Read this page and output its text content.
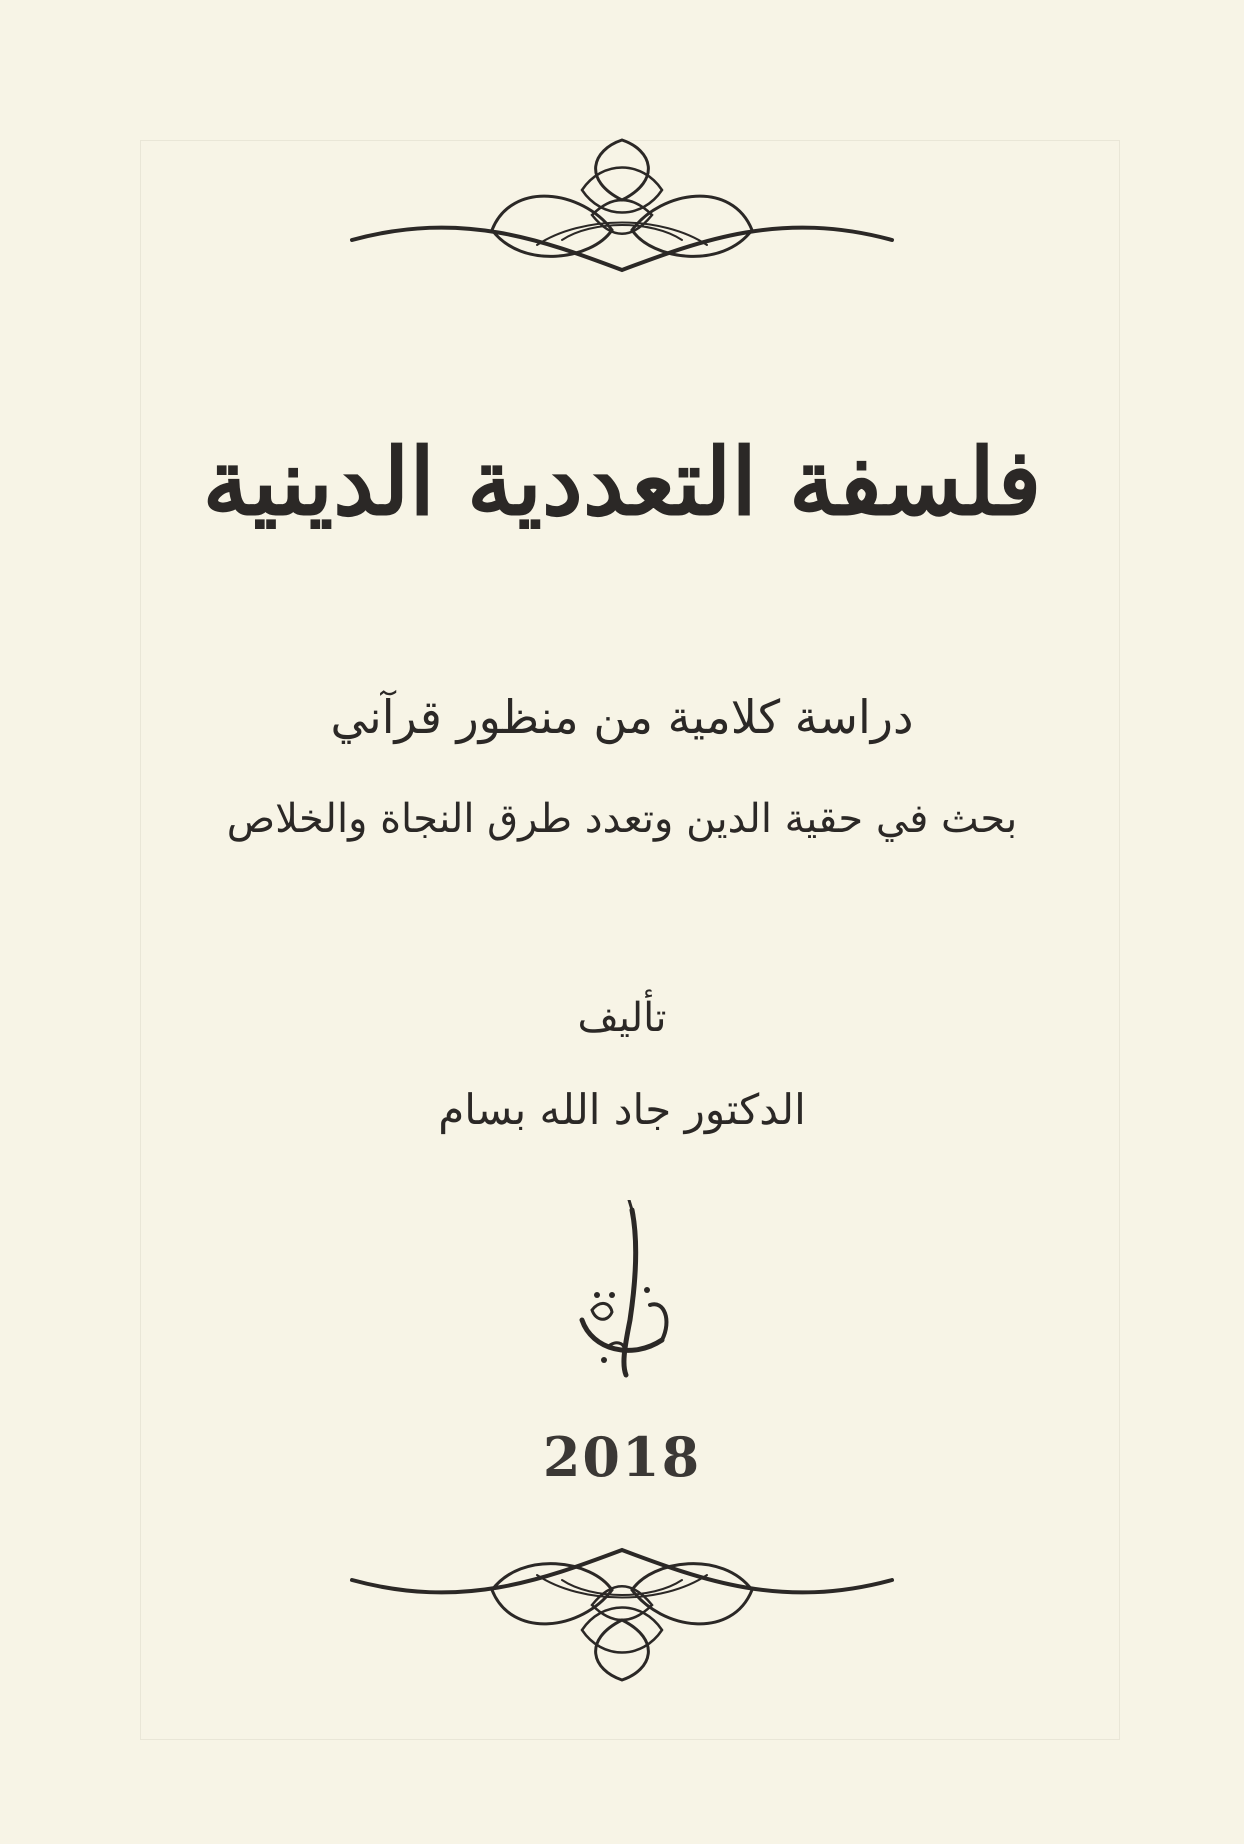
فلسفة التعددية الدينية
دراسة كلامية من منظور قرآني
بحث في حقية الدين وتعدد طرق النجاة والخلاص
تأليف
الدكتور جاد الله بسام
2018
